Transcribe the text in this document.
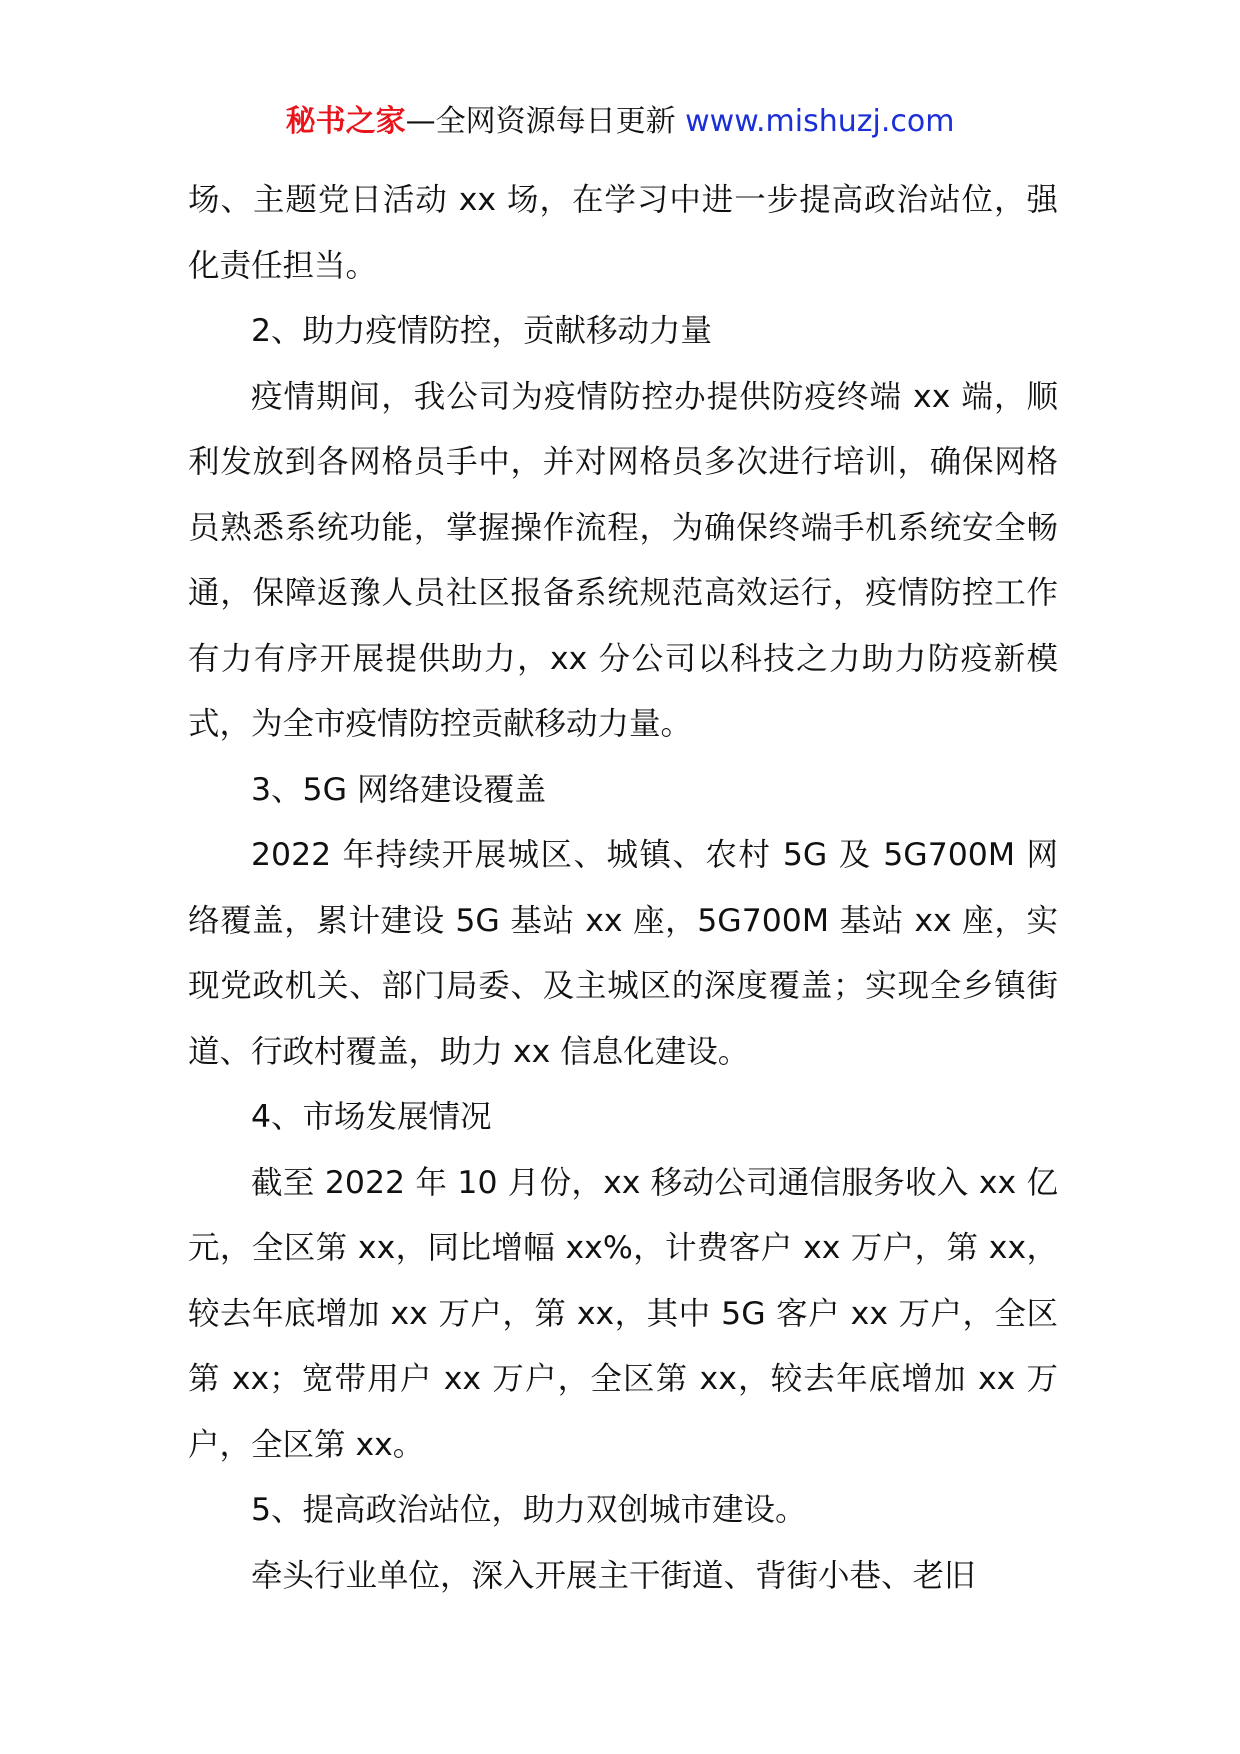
秘书之家—全网资源每日更新 www.mishuzj.com

场、主题党日活动 xx 场，在学习中进一步提高政治站位，强化责任担当。

2、助力疫情防控，贡献移动力量

疫情期间，我公司为疫情防控办提供防疫终端 xx 端，顺利发放到各网格员手中，并对网格员多次进行培训，确保网格员熟悉系统功能，掌握操作流程，为确保终端手机系统安全畅通，保障返豫人员社区报备系统规范高效运行，疫情防控工作有力有序开展提供助力，xx 分公司以科技之力助力防疫新模式，为全市疫情防控贡献移动力量。

3、5G 网络建设覆盖

2022 年持续开展城区、城镇、农村 5G 及 5G700M 网络覆盖，累计建设 5G 基站 xx 座，5G700M 基站 xx 座，实现党政机关、部门局委、及主城区的深度覆盖；实现全乡镇街道、行政村覆盖，助力 xx 信息化建设。

4、市场发展情况

截至 2022 年 10 月份，xx 移动公司通信服务收入 xx 亿元，全区第 xx，同比增幅 xx%，计费客户 xx 万户，第 xx，较去年底增加 xx 万户，第 xx，其中 5G 客户 xx 万户，全区第 xx；宽带用户 xx 万户，全区第 xx，较去年底增加 xx 万户，全区第 xx。

5、提高政治站位，助力双创城市建设。

牵头行业单位，深入开展主干街道、背街小巷、老旧
